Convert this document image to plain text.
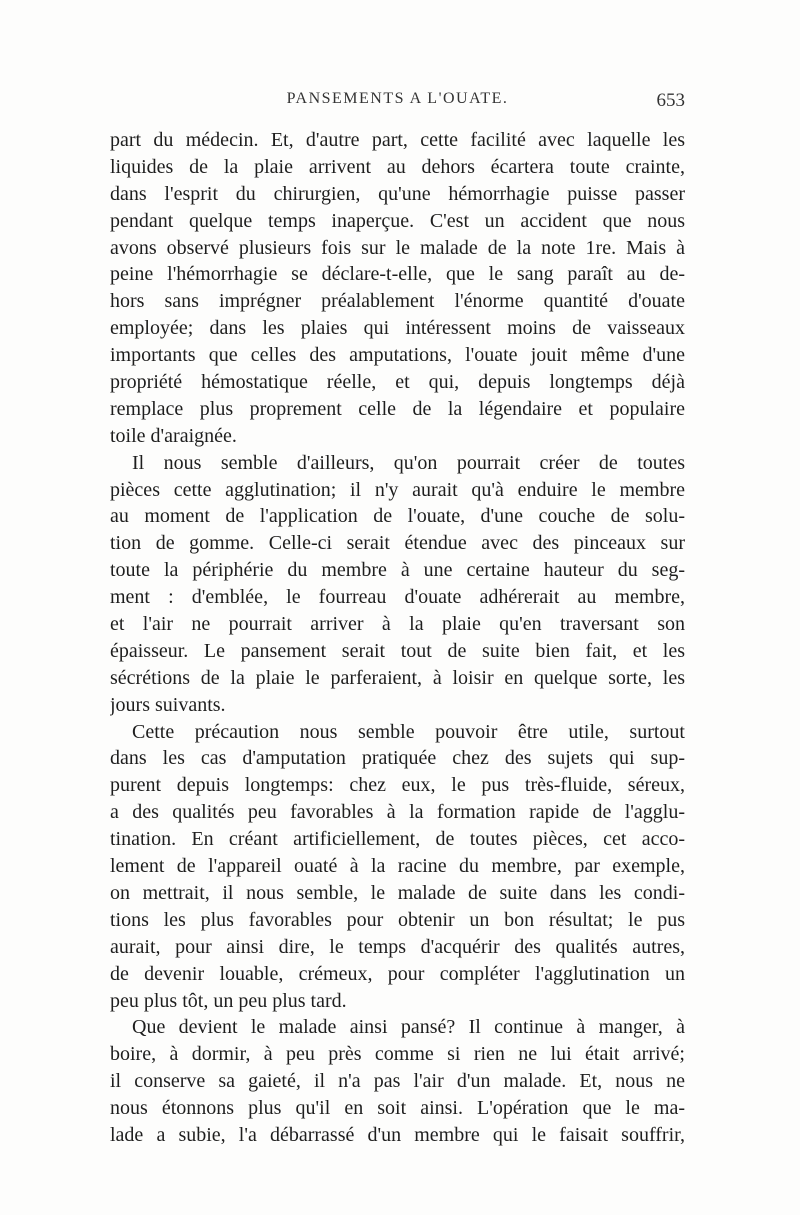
PANSEMENTS A L'OUATE.	653
part du médecin. Et, d'autre part, cette facilité avec laquelle les
liquides de la plaie arrivent au dehors écartera toute crainte,
dans l'esprit du chirurgien, qu'une hémorrhagie puisse passer
pendant quelque temps inaperçue. C'est un accident que nous
avons observé plusieurs fois sur le malade de la note 1re. Mais à
peine l'hémorrhagie se déclare-t-elle, que le sang paraît au de-
hors sans imprégner préalablement l'énorme quantité d'ouate
employée; dans les plaies qui intéressent moins de vaisseaux
importants que celles des amputations, l'ouate jouit même d'une
propriété hémostatique réelle, et qui, depuis longtemps déjà
remplace plus proprement celle de la légendaire et populaire
toile d'araignée.
Il nous semble d'ailleurs, qu'on pourrait créer de toutes
pièces cette agglutination; il n'y aurait qu'à enduire le membre
au moment de l'application de l'ouate, d'une couche de solu-
tion de gomme. Celle-ci serait étendue avec des pinceaux sur
toute la périphérie du membre à une certaine hauteur du seg-
ment : d'emblée, le fourreau d'ouate adhérerait au membre,
et l'air ne pourrait arriver à la plaie qu'en traversant son
épaisseur. Le pansement serait tout de suite bien fait, et les
sécrétions de la plaie le parferaient, à loisir en quelque sorte, les
jours suivants.
Cette précaution nous semble pouvoir être utile, surtout
dans les cas d'amputation pratiquée chez des sujets qui sup-
purent depuis longtemps: chez eux, le pus très-fluide, séreux,
a des qualités peu favorables à la formation rapide de l'agglu-
tination. En créant artificiellement, de toutes pièces, cet acco-
lement de l'appareil ouaté à la racine du membre, par exemple,
on mettrait, il nous semble, le malade de suite dans les condi-
tions les plus favorables pour obtenir un bon résultat; le pus
aurait, pour ainsi dire, le temps d'acquérir des qualités autres,
de devenir louable, crémeux, pour compléter l'agglutination un
peu plus tôt, un peu plus tard.
Que devient le malade ainsi pansé? Il continue à manger, à
boire, à dormir, à peu près comme si rien ne lui était arrivé;
il conserve sa gaieté, il n'a pas l'air d'un malade. Et, nous ne
nous étonnons plus qu'il en soit ainsi. L'opération que le ma-
lade a subie, l'a débarrassé d'un membre qui le faisait souffrir,
